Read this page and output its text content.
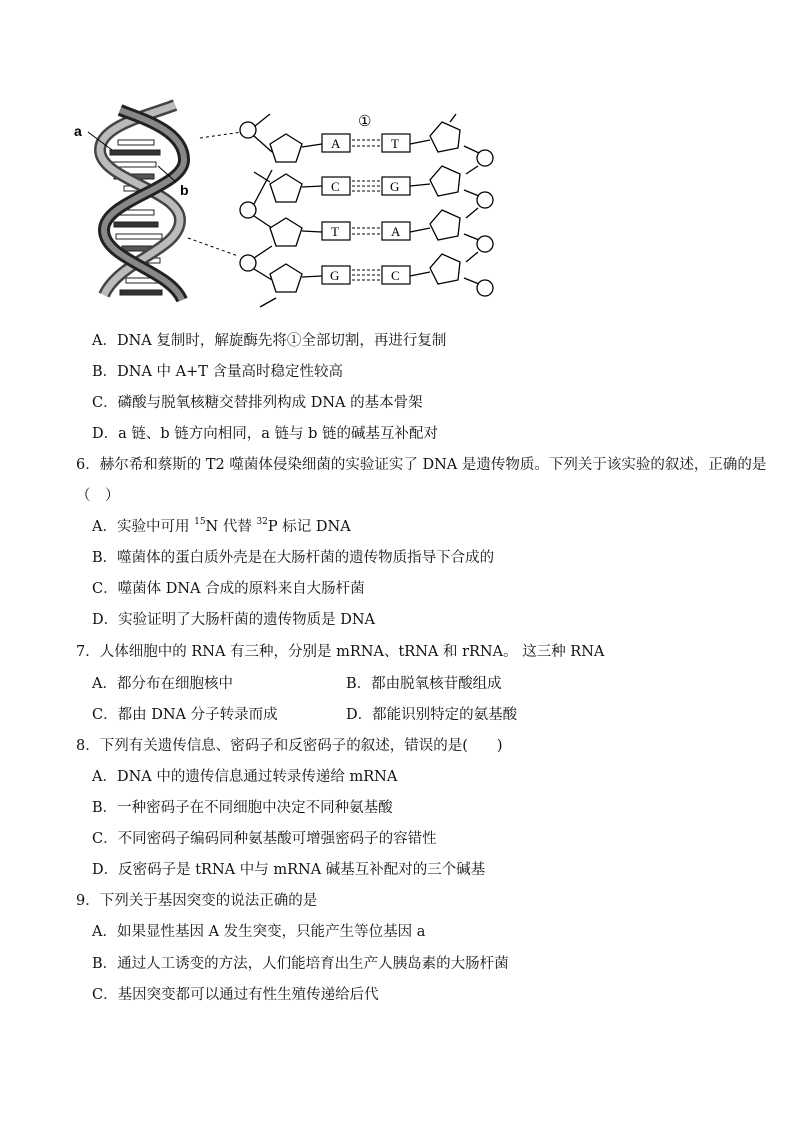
a
b
①
A	T
C	G
T	A
G	C
A．DNA 复制时，解旋酶先将①全部切割，再进行复制
B．DNA 中 A+T 含量高时稳定性较高
C．磷酸与脱氧核糖交替排列构成 DNA 的基本骨架
D．a 链、b 链方向相同，a 链与 b 链的碱基互补配对
6．赫尔希和蔡斯的 T2 噬菌体侵染细菌的实验证实了 DNA 是遗传物质。下列关于该实验的叙述，正确的是
（　）
A．实验中可用 $^{15}$N 代替 $^{32}$P 标记 DNA
B．噬菌体的蛋白质外壳是在大肠杆菌的遗传物质指导下合成的
C．噬菌体 DNA 合成的原料来自大肠杆菌
D．实验证明了大肠杆菌的遗传物质是 DNA
7．人体细胞中的 RNA 有三种，分别是 mRNA、tRNA 和 rRNA。 这三种 RNA
A．都分布在细胞核中	B．都由脱氧核苷酸组成
C．都由 DNA 分子转录而成	D．都能识别特定的氨基酸
8．下列有关遗传信息、密码子和反密码子的叙述，错误的是(　　)
A．DNA 中的遗传信息通过转录传递给 mRNA
B．一种密码子在不同细胞中决定不同种氨基酸
C．不同密码子编码同种氨基酸可增强密码子的容错性
D．反密码子是 tRNA 中与 mRNA 碱基互补配对的三个碱基
9．下列关于基因突变的说法正确的是
A．如果显性基因 A 发生突变，只能产生等位基因 a
B．通过人工诱变的方法，人们能培育出生产人胰岛素的大肠杆菌
C．基因突变都可以通过有性生殖传递给后代
